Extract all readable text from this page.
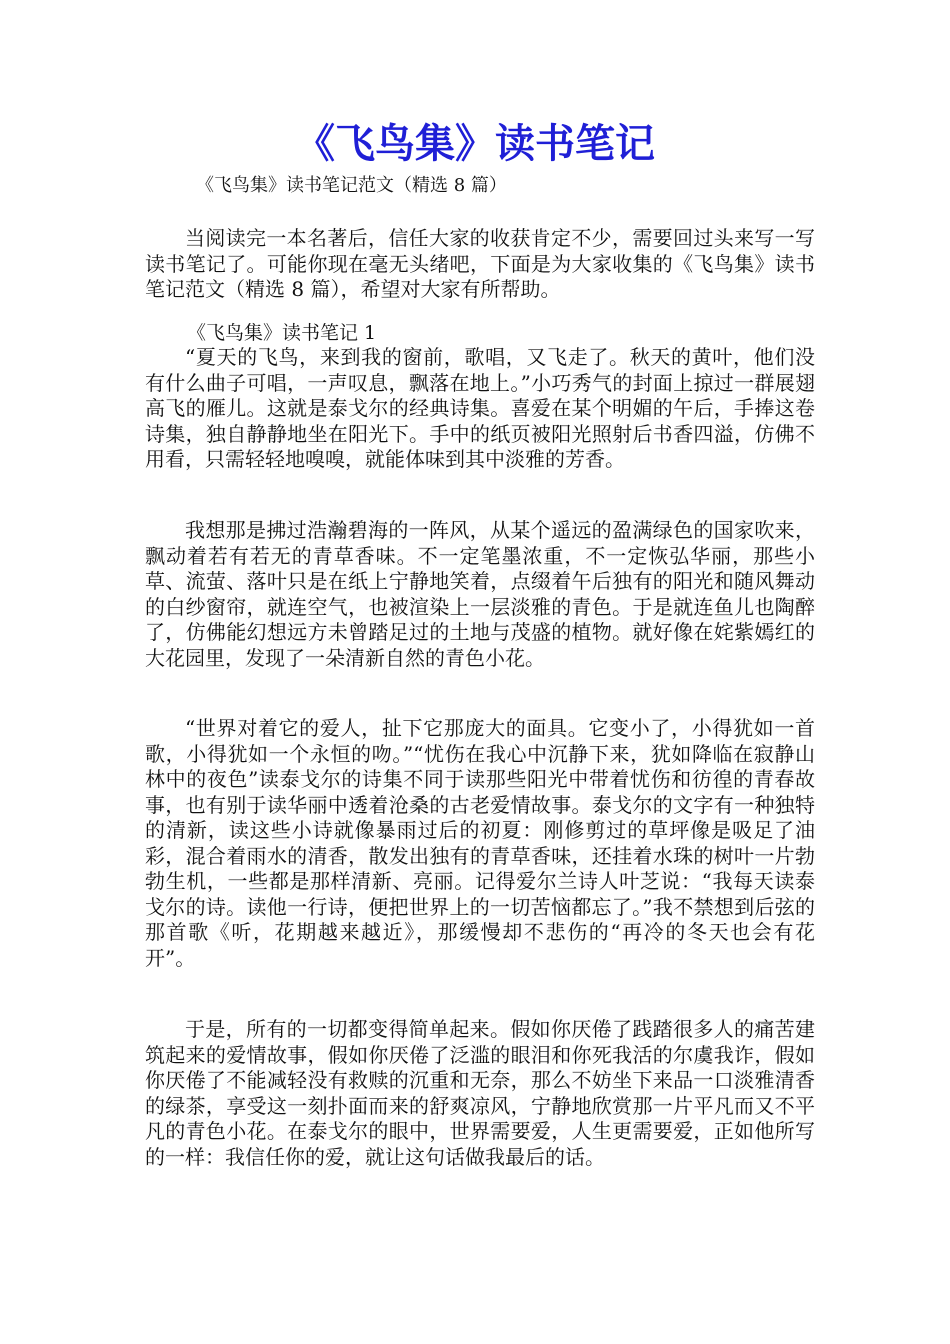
《飞鸟集》读书笔记

《飞鸟集》读书笔记范文（精选 8 篇）

当阅读完一本名著后，信任大家的收获肯定不少，需要回过头来写一写读书笔记了。可能你现在毫无头绪吧，下面是为大家收集的《飞鸟集》读书笔记范文（精选 8 篇），希望对大家有所帮助。

《飞鸟集》读书笔记 1

“夏天的飞鸟，来到我的窗前，歌唱，又飞走了。秋天的黄叶，他们没有什么曲子可唱，一声叹息，飘落在地上。”小巧秀气的封面上掠过一群展翅高飞的雁儿。这就是泰戈尔的经典诗集。喜爱在某个明媚的午后，手捧这卷诗集，独自静静地坐在阳光下。手中的纸页被阳光照射后书香四溢，仿佛不用看，只需轻轻地嗅嗅，就能体味到其中淡雅的芳香。

我想那是拂过浩瀚碧海的一阵风，从某个遥远的盈满绿色的国家吹来，飘动着若有若无的青草香味。不一定笔墨浓重，不一定恢弘华丽，那些小草、流萤、落叶只是在纸上宁静地笑着，点缀着午后独有的阳光和随风舞动的白纱窗帘，就连空气，也被渲染上一层淡雅的青色。于是就连鱼儿也陶醉了，仿佛能幻想远方未曾踏足过的土地与茂盛的植物。就好像在姹紫嫣红的大花园里，发现了一朵清新自然的青色小花。

“世界对着它的爱人，扯下它那庞大的面具。它变小了，小得犹如一首歌，小得犹如一个永恒的吻。”“忧伤在我心中沉静下来，犹如降临在寂静山林中的夜色”读泰戈尔的诗集不同于读那些阳光中带着忧伤和彷徨的青春故事，也有别于读华丽中透着沧桑的古老爱情故事。泰戈尔的文字有一种独特的清新，读这些小诗就像暴雨过后的初夏：刚修剪过的草坪像是吸足了油彩，混合着雨水的清香，散发出独有的青草香味，还挂着水珠的树叶一片勃勃生机，一些都是那样清新、亮丽。记得爱尔兰诗人叶芝说：“我每天读泰戈尔的诗。读他一行诗，便把世界上的一切苦恼都忘了。”我不禁想到后弦的那首歌《听，花期越来越近》，那缓慢却不悲伤的“再冷的冬天也会有花开”。

于是，所有的一切都变得简单起来。假如你厌倦了践踏很多人的痛苦建筑起来的爱情故事，假如你厌倦了泛滥的眼泪和你死我活的尔虞我诈，假如你厌倦了不能减轻没有救赎的沉重和无奈，那么不妨坐下来品一口淡雅清香的绿茶，享受这一刻扑面而来的舒爽凉风，宁静地欣赏那一片平凡而又不平凡的青色小花。在泰戈尔的眼中，世界需要爱，人生更需要爱，正如他所写的一样：我信任你的爱，就让这句话做我最后的话。
